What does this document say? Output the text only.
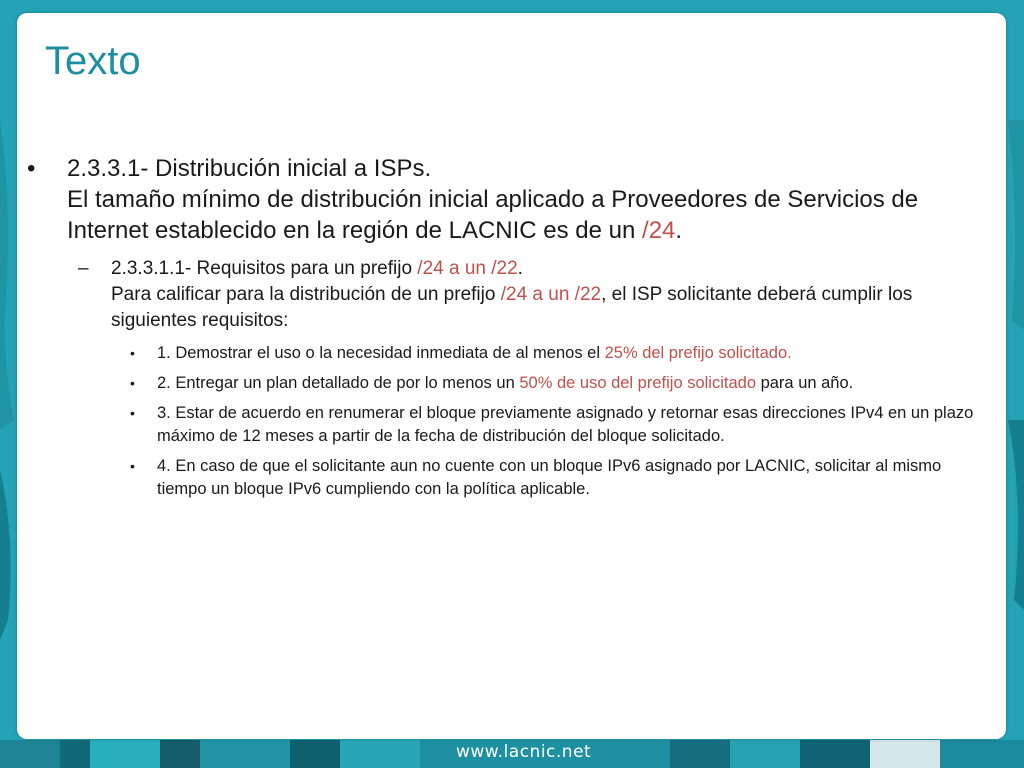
Texto
• 2.3.3.1- Distribución inicial a ISPs.
El tamaño mínimo de distribución inicial aplicado a Proveedores de Servicios de Internet establecido en la región de LACNIC es de un /24.
– 2.3.3.1.1- Requisitos para un prefijo /24 a un /22.
Para calificar para la distribución de un prefijo /24 a un /22, el ISP solicitante deberá cumplir los siguientes requisitos:
• 1. Demostrar el uso o la necesidad inmediata de al menos el 25% del prefijo solicitado.
• 2. Entregar un plan detallado de por lo menos un 50% de uso del prefijo solicitado para un año.
• 3. Estar de acuerdo en renumerar el bloque previamente asignado y retornar esas direcciones IPv4 en un plazo máximo de 12 meses a partir de la fecha de distribución del bloque solicitado.
• 4. En caso de que el solicitante aun no cuente con un bloque IPv6 asignado por LACNIC, solicitar al mismo tiempo un bloque IPv6 cumpliendo con la política aplicable.
www.lacnic.net
